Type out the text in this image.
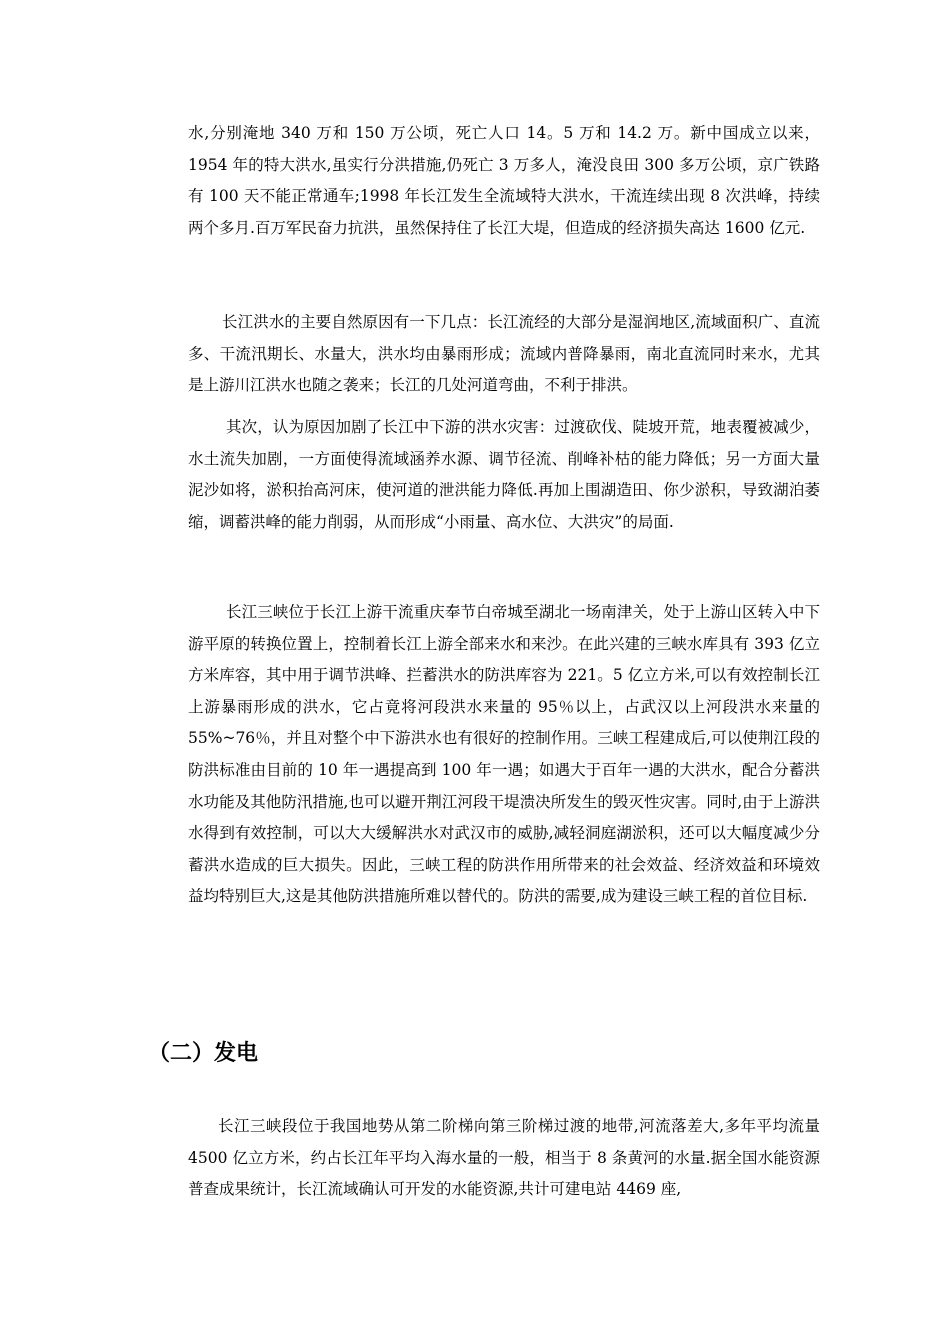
水,分别淹地 340 万和 150 万公顷，死亡人口 14。5 万和 14.2 万。新中国成立以来，1954 年的特大洪水,虽实行分洪措施,仍死亡 3 万多人，淹没良田 300 多万公顷，京广铁路有 100 天不能正常通车;1998 年长江发生全流域特大洪水，干流连续出现 8 次洪峰，持续两个多月.百万军民奋力抗洪，虽然保持住了长江大堤，但造成的经济损失高达 1600 亿元.

长江洪水的主要自然原因有一下几点：长江流经的大部分是湿润地区,流域面积广、直流多、干流汛期长、水量大，洪水均由暴雨形成；流域内普降暴雨，南北直流同时来水，尤其是上游川江洪水也随之袭来；长江的几处河道弯曲，不利于排洪。

其次，认为原因加剧了长江中下游的洪水灾害：过渡砍伐、陡坡开荒，地表覆被减少，水土流失加剧，一方面使得流域涵养水源、调节径流、削峰补枯的能力降低；另一方面大量泥沙如将，淤积抬高河床，使河道的泄洪能力降低.再加上围湖造田、你少淤积，导致湖泊萎缩，调蓄洪峰的能力削弱，从而形成“小雨量、高水位、大洪灾”的局面.

长江三峡位于长江上游干流重庆奉节白帝城至湖北一场南津关，处于上游山区转入中下游平原的转换位置上，控制着长江上游全部来水和来沙。在此兴建的三峡水库具有 393 亿立方米库容，其中用于调节洪峰、拦蓄洪水的防洪库容为 221。5 亿立方米,可以有效控制长江上游暴雨形成的洪水，它占竟将河段洪水来量的 95％以上，占武汉以上河段洪水来量的 55%~76％，并且对整个中下游洪水也有很好的控制作用。三峡工程建成后,可以使荆江段的防洪标准由目前的 10 年一遇提高到 100 年一遇；如遇大于百年一遇的大洪水，配合分蓄洪水功能及其他防汛措施,也可以避开荆江河段干堤溃决所发生的毁灭性灾害。同时,由于上游洪水得到有效控制，可以大大缓解洪水对武汉市的威胁,减轻洞庭湖淤积，还可以大幅度减少分蓄洪水造成的巨大损失。因此，三峡工程的防洪作用所带来的社会效益、经济效益和环境效益均特别巨大,这是其他防洪措施所难以替代的。防洪的需要,成为建设三峡工程的首位目标.

（二）发电

长江三峡段位于我国地势从第二阶梯向第三阶梯过渡的地带,河流落差大,多年平均流量 4500 亿立方米，约占长江年平均入海水量的一般，相当于 8 条黄河的水量.据全国水能资源普查成果统计，长江流域确认可开发的水能资源,共计可建电站 4469 座,
